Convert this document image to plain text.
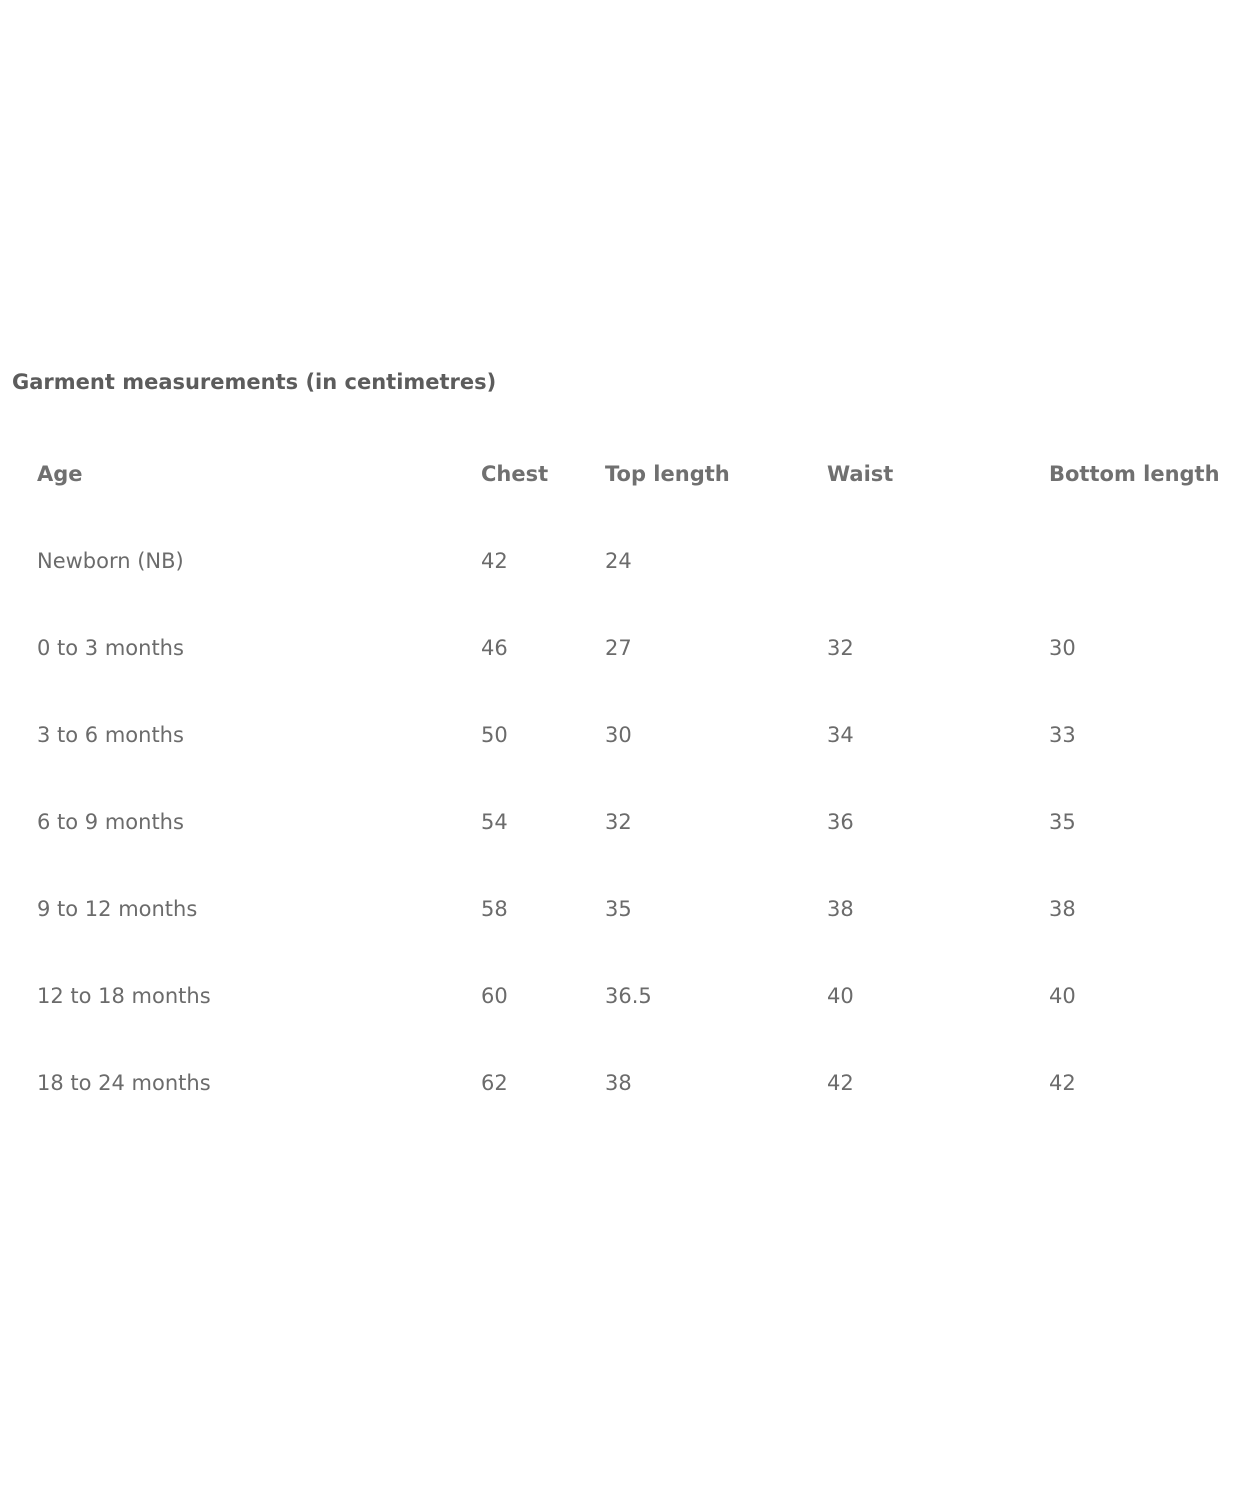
Garment measurements (in centimetres)
Age	Chest	Top length	Waist	Bottom length
Newborn (NB)	42	24
0 to 3 months	46	27	32	30
3 to 6 months	50	30	34	33
6 to 9 months	54	32	36	35
9 to 12 months	58	35	38	38
12 to 18 months	60	36.5	40	40
18 to 24 months	62	38	42	42
